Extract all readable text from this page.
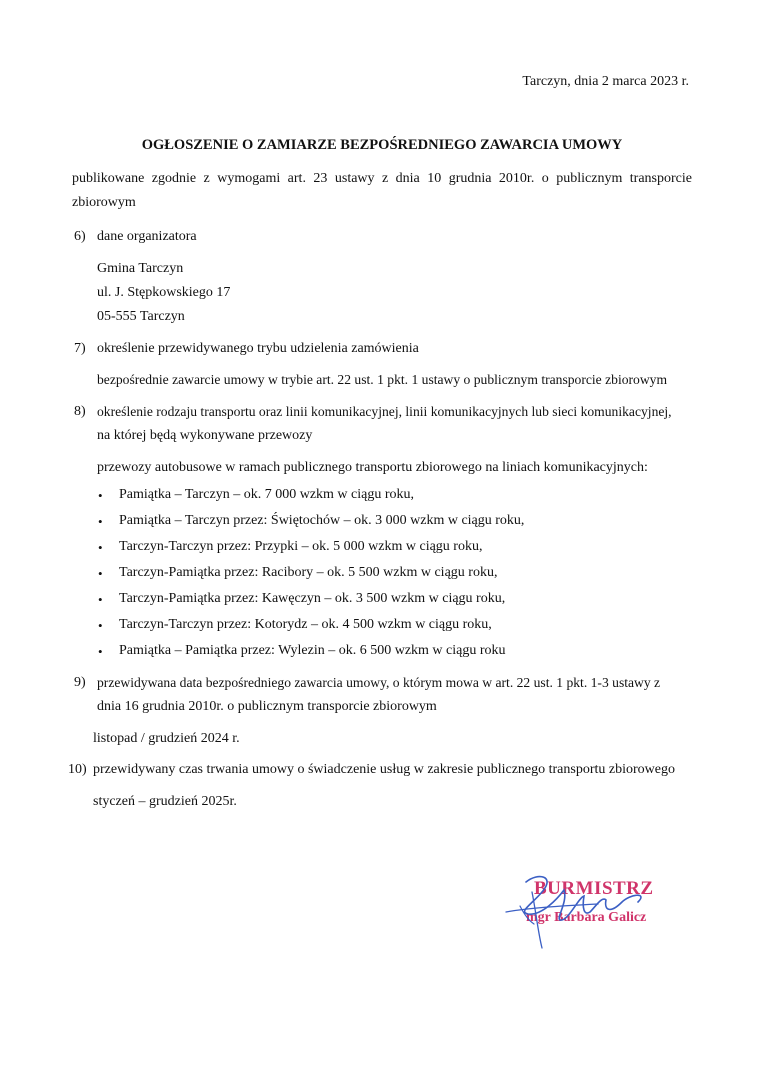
Tarczyn, dnia 2 marca 2023 r.
OGŁOSZENIE O ZAMIARZE BEZPOŚREDNIEGO ZAWARCIA UMOWY
publikowane zgodnie z wymogami art. 23 ustawy z dnia 10 grudnia 2010r. o publicznym transporcie
zbiorowym
6) dane organizatora
Gmina Tarczyn
ul. J. Stępkowskiego 17
05-555 Tarczyn
7) określenie przewidywanego trybu udzielenia zamówienia
bezpośrednie zawarcie umowy w trybie art. 22 ust. 1 pkt. 1 ustawy o publicznym transporcie zbiorowym
8) określenie rodzaju transportu oraz linii komunikacyjnej, linii komunikacyjnych lub sieci komunikacyjnej,
na której będą wykonywane przewozy
przewozy autobusowe w ramach publicznego transportu zbiorowego na liniach komunikacyjnych:
• Pamiątka – Tarczyn – ok. 7 000 wzkm w ciągu roku,
• Pamiątka – Tarczyn przez: Świętochów – ok. 3 000 wzkm w ciągu roku,
• Tarczyn-Tarczyn przez: Przypki – ok. 5 000 wzkm w ciągu roku,
• Tarczyn-Pamiątka przez: Racibory – ok. 5 500 wzkm w ciągu roku,
• Tarczyn-Pamiątka przez: Kawęczyn – ok. 3 500 wzkm w ciągu roku,
• Tarczyn-Tarczyn przez: Kotorydz – ok. 4 500 wzkm w ciągu roku,
• Pamiątka – Pamiątka przez: Wylezin – ok. 6 500 wzkm w ciągu roku
9) przewidywana data bezpośredniego zawarcia umowy, o którym mowa w art. 22 ust. 1 pkt. 1-3 ustawy z
dnia 16 grudnia 2010r. o publicznym transporcie zbiorowym
listopad / grudzień 2024 r.
10) przewidywany czas trwania umowy o świadczenie usług w zakresie publicznego transportu zbiorowego
styczeń – grudzień 2025r.
BURMISTRZ
mgr Barbara Galicz
